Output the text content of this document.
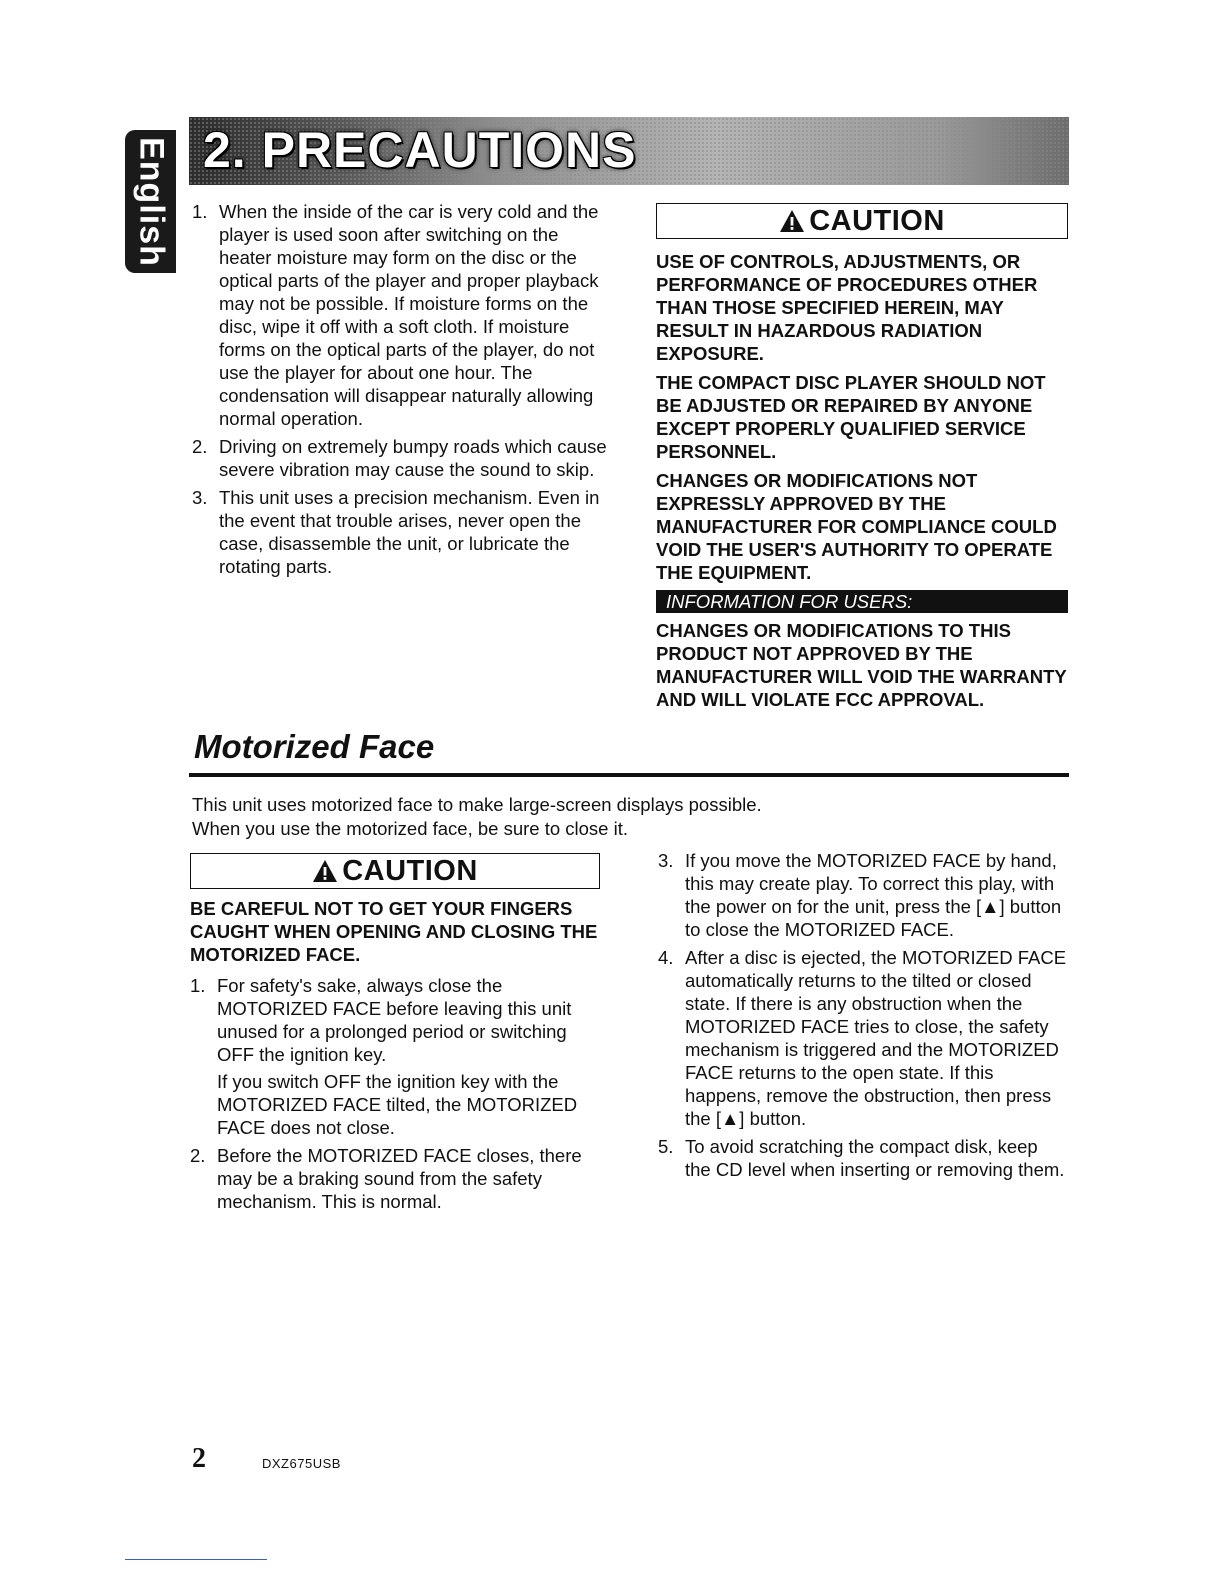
English 2. PRECAUTIONS
1. When the inside of the car is very cold and the player is used soon after switching on the heater moisture may form on the disc or the optical parts of the player and proper playback may not be possible. If moisture forms on the disc, wipe it off with a soft cloth. If moisture forms on the optical parts of the player, do not use the player for about one hour. The condensation will disappear naturally allowing normal operation.

2. Driving on extremely bumpy roads which cause severe vibration may cause the sound to skip.

3. This unit uses a precision mechanism. Even in the event that trouble arises, never open the case, disassemble the unit, or lubricate the rotating parts.

CAUTION

USE OF CONTROLS, ADJUSTMENTS, OR PERFORMANCE OF PROCEDURES OTHER THAN THOSE SPECIFIED HEREIN, MAY RESULT IN HAZARDOUS RADIATION EXPOSURE.

THE COMPACT DISC PLAYER SHOULD NOT BE ADJUSTED OR REPAIRED BY ANYONE EXCEPT PROPERLY QUALIFIED SERVICE PERSONNEL.

CHANGES OR MODIFICATIONS NOT EXPRESSLY APPROVED BY THE MANUFACTURER FOR COMPLIANCE COULD VOID THE USER'S AUTHORITY TO OPERATE THE EQUIPMENT.

INFORMATION FOR USERS:

CHANGES OR MODIFICATIONS TO THIS PRODUCT NOT APPROVED BY THE MANUFACTURER WILL VOID THE WARRANTY AND WILL VIOLATE FCC APPROVAL.

Motorized Face

This unit uses motorized face to make large-screen displays possible.

When you use the motorized face, be sure to close it.

CAUTION

BE CAREFUL NOT TO GET YOUR FINGERS CAUGHT WHEN OPENING AND CLOSING THE MOTORIZED FACE.

1. For safety's sake, always close the MOTORIZED FACE before leaving this unit unused for a prolonged period or switching OFF the ignition key.

If you switch OFF the ignition key with the MOTORIZED FACE tilted, the MOTORIZED FACE does not close.

2. Before the MOTORIZED FACE closes, there may be a braking sound from the safety mechanism. This is normal.

3. If you move the MOTORIZED FACE by hand, this may create play. To correct this play, with the power on for the unit, press the [▲] button to close the MOTORIZED FACE.

4. After a disc is ejected, the MOTORIZED FACE automatically returns to the tilted or closed state. If there is any obstruction when the MOTORIZED FACE tries to close, the safety mechanism is triggered and the MOTORIZED FACE returns to the open state. If this happens, remove the obstruction, then press the [▲] button.

5. To avoid scratching the compact disk, keep the CD level when inserting or removing them.

2	DXZ675USB
